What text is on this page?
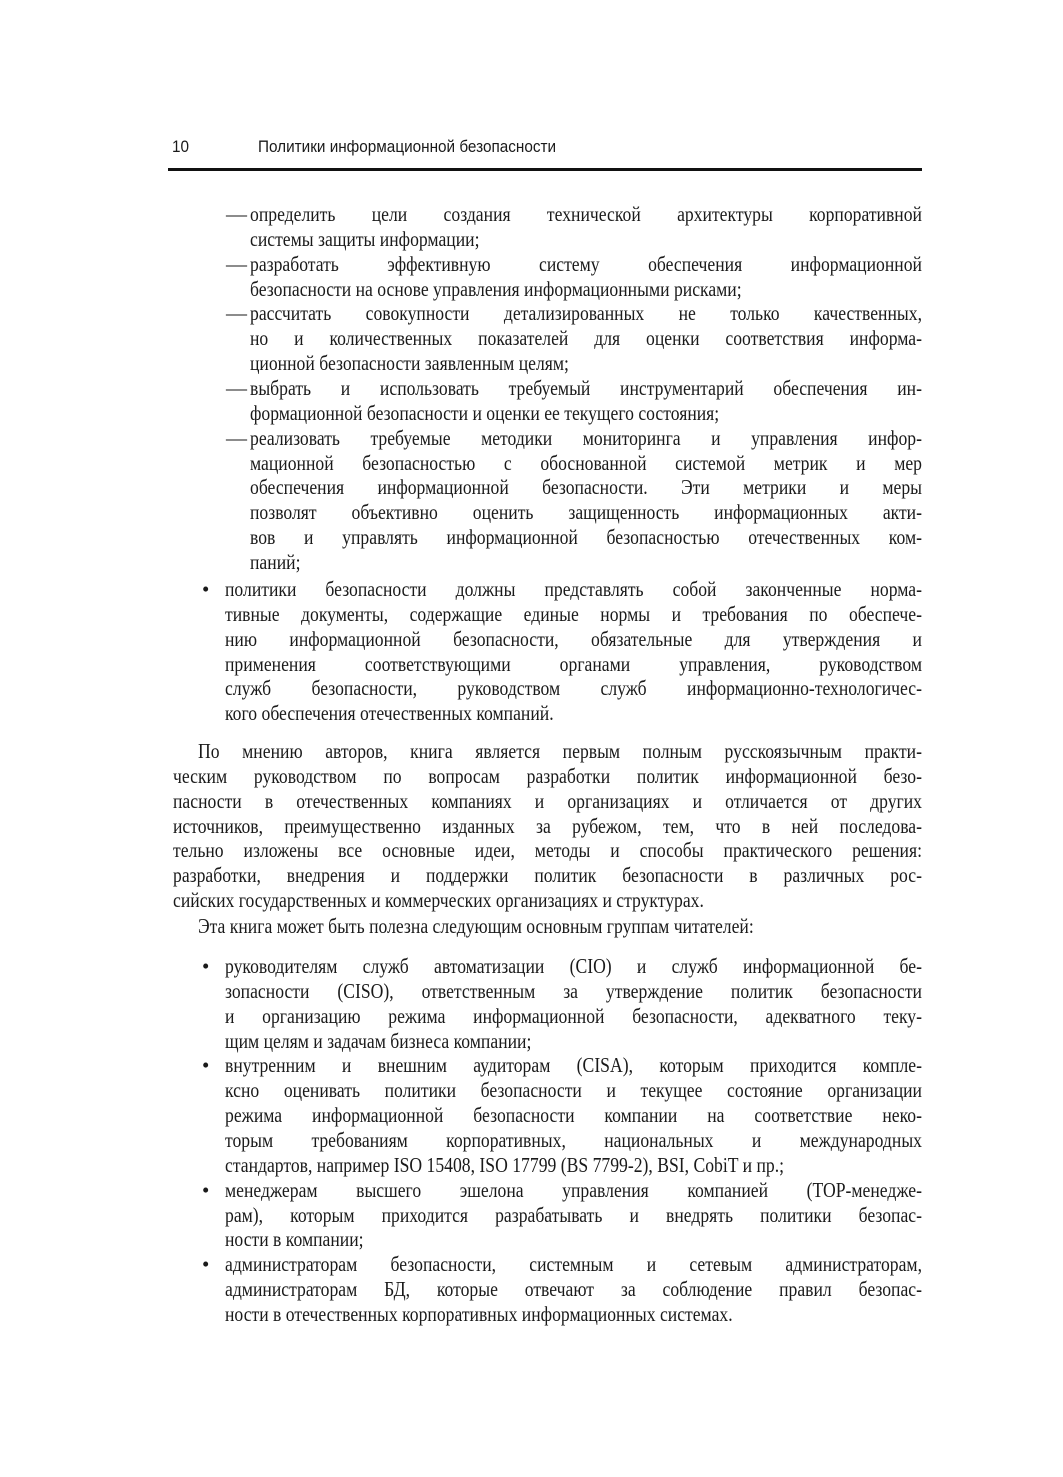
10	Политики информационной безопасности
— определить цели создания технической архитектуры корпоративной
системы защиты информации;
— разработать эффективную систему обеспечения информационной
безопасности на основе управления информационными рисками;
— рассчитать совокупности детализированных не только качественных,
но и количественных показателей для оценки соответствия информа-
ционной безопасности заявленным целям;
— выбрать и использовать требуемый инструментарий обеспечения ин-
формационной безопасности и оценки ее текущего состояния;
— реализовать требуемые методики мониторинга и управления инфор-
мационной безопасностью с обоснованной системой метрик и мер
обеспечения информационной безопасности. Эти метрики и меры
позволят объективно оценить защищенность информационных акти-
вов и управлять информационной безопасностью отечественных ком-
паний;
• политики безопасности должны представлять собой законченные норма-
тивные документы, содержащие единые нормы и требования по обеспече-
нию информационной безопасности, обязательные для утверждения и
применения соответствующими органами управления, руководством
служб безопасности, руководством служб информационно-технологичес-
кого обеспечения отечественных компаний.
По мнению авторов, книга является первым полным русскоязычным практи-
ческим руководством по вопросам разработки политик информационной безо-
пасности в отечественных компаниях и организациях и отличается от других
источников, преимущественно изданных за рубежом, тем, что в ней последова-
тельно изложены все основные идеи, методы и способы практического решения:
разработки, внедрения и поддержки политик безопасности в различных рос-
сийских государственных и коммерческих организациях и структурах.
Эта книга может быть полезна следующим основным группам читателей:
• руководителям служб автоматизации (CIO) и служб информационной бе-
зопасности (CISO), ответственным за утверждение политик безопасности
и организацию режима информационной безопасности, адекватного теку-
щим целям и задачам бизнеса компании;
• внутренним и внешним аудиторам (CISA), которым приходится компле-
ксно оценивать политики безопасности и текущее состояние организации
режима информационной безопасности компании на соответствие неко-
торым требованиям корпоративных, национальных и международных
стандартов, например ISO 15408, ISO 17799 (BS 7799-2), BSI, CobiT и пр.;
• менеджерам высшего эшелона управления компанией (TOP-менедже-
рам), которым приходится разрабатывать и внедрять политики безопас-
ности в компании;
• администраторам безопасности, системным и сетевым администраторам,
администраторам БД, которые отвечают за соблюдение правил безопас-
ности в отечественных корпоративных информационных системах.
